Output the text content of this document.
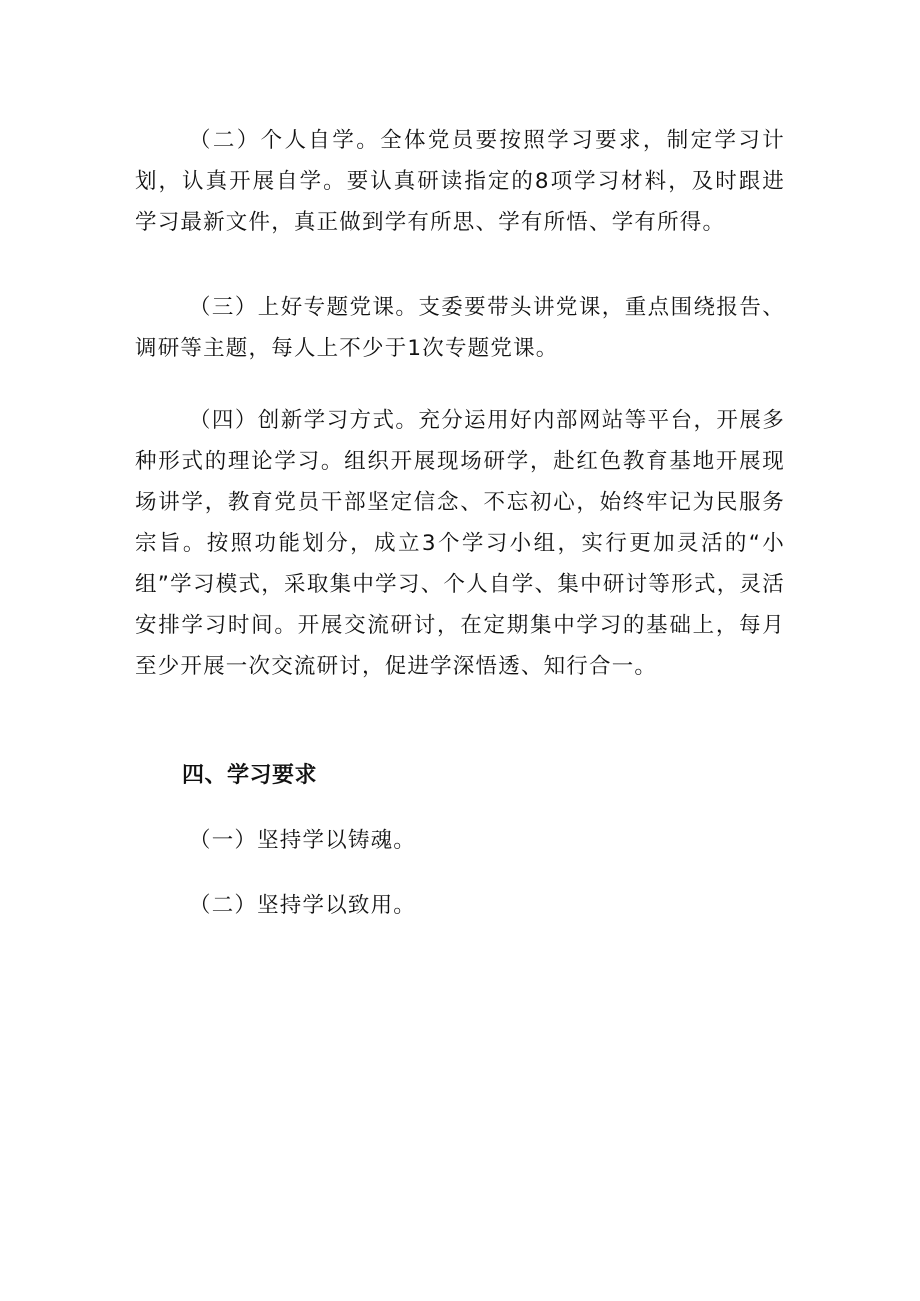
（二）个人自学。全体党员要按照学习要求，制定学习计划，认真开展自学。要认真研读指定的8项学习材料，及时跟进学习最新文件，真正做到学有所思、学有所悟、学有所得。

（三）上好专题党课。支委要带头讲党课，重点围绕报告、调研等主题，每人上不少于1次专题党课。

（四）创新学习方式。充分运用好内部网站等平台，开展多种形式的理论学习。组织开展现场研学，赴红色教育基地开展现场讲学，教育党员干部坚定信念、不忘初心，始终牢记为民服务宗旨。按照功能划分，成立3个学习小组，实行更加灵活的“小组”学习模式，采取集中学习、个人自学、集中研讨等形式，灵活安排学习时间。开展交流研讨，在定期集中学习的基础上，每月至少开展一次交流研讨，促进学深悟透、知行合一。

四、学习要求

（一）坚持学以铸魂。

（二）坚持学以致用。
